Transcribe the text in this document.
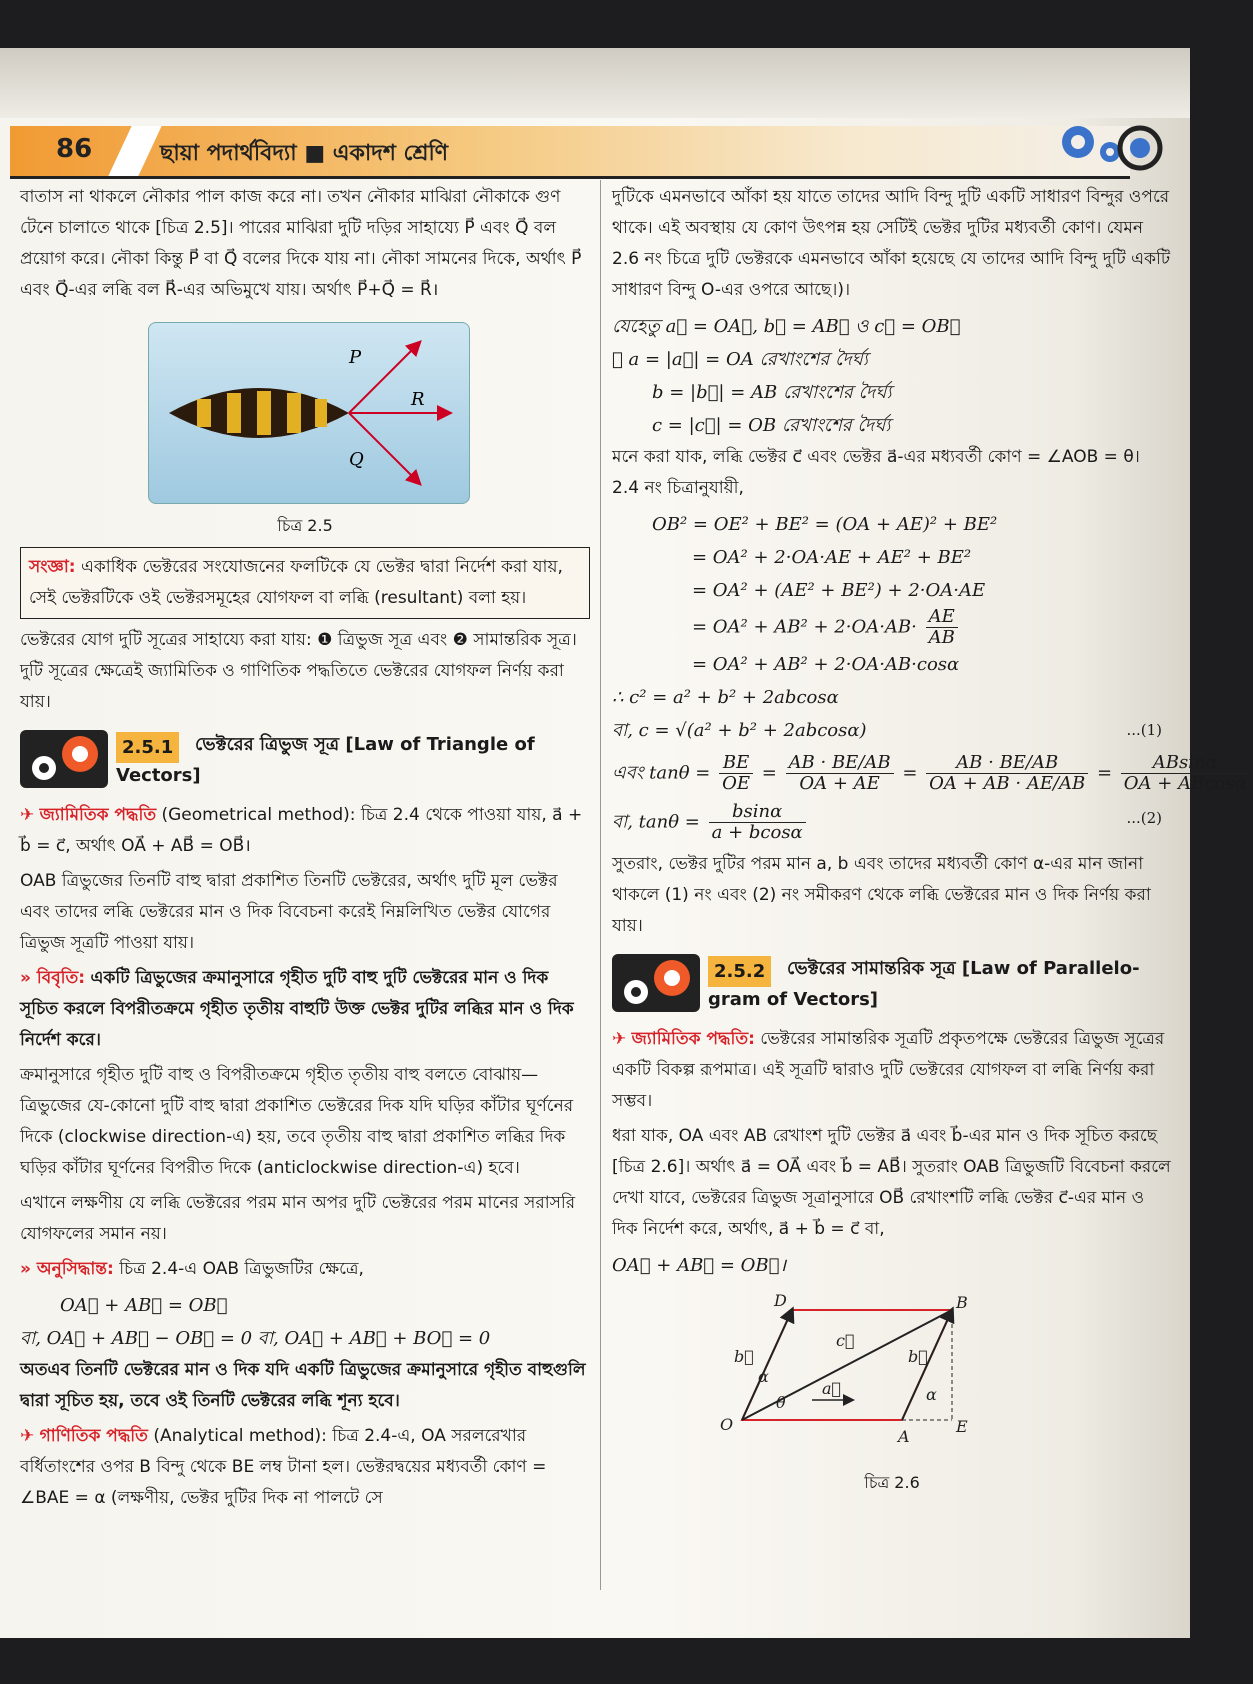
86	ছায়া পদার্থবিদ্যা ■ একাদশ শ্রেণি

বাতাস না থাকলে নৌকার পাল কাজ করে না। তখন নৌকার মাঝিরা নৌকাকে গুণ টেনে চালাতে থাকে [চিত্র 2.5]। পারের মাঝিরা দুটি দড়ির সাহায্যে P⃗ এবং Q⃗ বল প্রয়োগ করে। নৌকা কিন্তু P⃗ বা Q⃗ বলের দিকে যায় না। নৌকা সামনের দিকে, অর্থাৎ P⃗ এবং Q⃗-এর লব্ধি বল R⃗-এর অভিমুখে যায়। অর্থাৎ P⃗+Q⃗ = R⃗।

P
R
Q
চিত্র 2.5
সংজ্ঞা: একাধিক ভেক্টরের সংযোজনের ফলটিকে যে ভেক্টর দ্বারা নির্দেশ করা যায়, সেই ভেক্টরটিকে ওই ভেক্টরসমূহের যোগফল বা লব্ধি (resultant) বলা হয়।

ভেক্টরের যোগ দুটি সূত্রের সাহায্যে করা যায়: ❶ ত্রিভুজ সূত্র এবং ❷ সামান্তরিক সূত্র। দুটি সূত্রের ক্ষেত্রেই জ্যামিতিক ও গাণিতিক পদ্ধতিতে ভেক্টরের যোগফল নির্ণয় করা যায়।

2.5.1	ভেক্টরের ত্রিভুজ সূত্র [Law of Triangle of
Vectors]

✈ জ্যামিতিক পদ্ধতি (Geometrical method): চিত্র 2.4 থেকে পাওয়া যায়, a⃗ + b⃗ = c⃗, অর্থাৎ OA⃗ + AB⃗ = OB⃗।

OAB ত্রিভুজের তিনটি বাহু দ্বারা প্রকাশিত তিনটি ভেক্টরের, অর্থাৎ দুটি মূল ভেক্টর এবং তাদের লব্ধি ভেক্টরের মান ও দিক বিবেচনা করেই নিম্নলিখিত ভেক্টর যোগের ত্রিভুজ সূত্রটি পাওয়া যায়।

» বিবৃতি: একটি ত্রিভুজের ক্রমানুসারে গৃহীত দুটি বাহু দুটি ভেক্টরের মান ও দিক সূচিত করলে বিপরীতক্রমে গৃহীত তৃতীয় বাহুটি উক্ত ভেক্টর দুটির লব্ধির মান ও দিক নির্দেশ করে।

ক্রমানুসারে গৃহীত দুটি বাহু ও বিপরীতক্রমে গৃহীত তৃতীয় বাহু বলতে বোঝায়—ত্রিভুজের যে-কোনো দুটি বাহু দ্বারা প্রকাশিত ভেক্টরের দিক যদি ঘড়ির কাঁটার ঘূর্ণনের দিকে (clockwise direction-এ) হয়, তবে তৃতীয় বাহু দ্বারা প্রকাশিত লব্ধির দিক ঘড়ির কাঁটার ঘূর্ণনের বিপরীত দিকে (anticlockwise direction-এ) হবে।

এখানে লক্ষণীয় যে লব্ধি ভেক্টরের পরম মান অপর দুটি ভেক্টরের পরম মানের সরাসরি যোগফলের সমান নয়।

» অনুসিদ্ধান্ত: চিত্র 2.4-এ OAB ত্রিভুজটির ক্ষেত্রে,

OA⃗ + AB⃗ = OB⃗
বা, OA⃗ + AB⃗ − OB⃗ = 0 বা, OA⃗ + AB⃗ + BO⃗ = 0

অতএব তিনটি ভেক্টরের মান ও দিক যদি একটি ত্রিভুজের ক্রমানুসারে গৃহীত বাহুগুলি দ্বারা সূচিত হয়, তবে ওই তিনটি ভেক্টরের লব্ধি শূন্য হবে।

✈ গাণিতিক পদ্ধতি (Analytical method): চিত্র 2.4-এ, OA সরলরেখার বর্ধিতাংশের ওপর B বিন্দু থেকে BE লম্ব টানা হল। ভেক্টরদ্বয়ের মধ্যবর্তী কোণ = ∠BAE = α (লক্ষণীয়, ভেক্টর দুটির দিক না পালটে সে

দুটিকে এমনভাবে আঁকা হয় যাতে তাদের আদি বিন্দু দুটি একটি সাধারণ বিন্দুর ওপরে থাকে। এই অবস্থায় যে কোণ উৎপন্ন হয় সেটিই ভেক্টর দুটির মধ্যবর্তী কোণ। যেমন 2.6 নং চিত্রে দুটি ভেক্টরকে এমনভাবে আঁকা হয়েছে যে তাদের আদি বিন্দু দুটি একটি সাধারণ বিন্দু O-এর ওপরে আছে।)।

যেহেতু a⃗ = OA⃗, b⃗ = AB⃗ ও c⃗ = OB⃗
∴ a = |a⃗| = OA রেখাংশের দৈর্ঘ্য
b = |b⃗| = AB রেখাংশের দৈর্ঘ্য
c = |c⃗| = OB রেখাংশের দৈর্ঘ্য

মনে করা যাক, লব্ধি ভেক্টর c⃗ এবং ভেক্টর a⃗-এর মধ্যবর্তী কোণ = ∠AOB = θ। 2.4 নং চিত্রানুযায়ী,

OB² = OE² + BE² = (OA + AE)² + BE²
= OA² + 2·OA·AE + AE² + BE²
= OA² + (AE² + BE²) + 2·OA·AE
= $OA^2 + AB^2 + 2\cdot OA\cdot AB\cdot \frac{AE}{AB}$
= OA² + AB² + 2·OA·AB·cosα
∴ c² = a² + b² + 2abcosα
বা, c = √(a² + b² + 2abcosα)	...(1)
এবং $\tan\theta = \frac{BE}{OE} = \frac{AB \cdot BE/AB}{OA + AE} = \frac{AB \cdot BE/AB}{OA + AB \cdot AE/AB} = \frac{ABsin\alpha}{OA + ABcos\alpha}$
বা, $\tan\theta = \frac{bsin\alpha}{a + bcos\alpha}$	...(2)

সুতরাং, ভেক্টর দুটির পরম মান a, b এবং তাদের মধ্যবর্তী কোণ α-এর মান জানা থাকলে (1) নং এবং (2) নং সমীকরণ থেকে লব্ধি ভেক্টরের মান ও দিক নির্ণয় করা যায়।

2.5.2	ভেক্টরের সামান্তরিক সূত্র [Law of Parallelo-
gram of Vectors]

✈ জ্যামিতিক পদ্ধতি: ভেক্টরের সামান্তরিক সূত্রটি প্রকৃতপক্ষে ভেক্টরের ত্রিভুজ সূত্রের একটি বিকল্প রূপমাত্র। এই সূত্রটি দ্বারাও দুটি ভেক্টরের যোগফল বা লব্ধি নির্ণয় করা সম্ভব।

ধরা যাক, OA এবং AB রেখাংশ দুটি ভেক্টর a⃗ এবং b⃗-এর মান ও দিক সূচিত করছে [চিত্র 2.6]। অর্থাৎ a⃗ = OA⃗ এবং b⃗ = AB⃗। সুতরাং OAB ত্রিভুজটি বিবেচনা করলে দেখা যাবে, ভেক্টরের ত্রিভুজ সূত্রানুসারে OB⃗ রেখাংশটি লব্ধি ভেক্টর c⃗-এর মান ও দিক নির্দেশ করে, অর্থাৎ, a⃗ + b⃗ = c⃗ বা,

OA⃗ + AB⃗ = OB⃗।
D	B
O
A
E
b⃗	b⃗
c⃗
a⃗
α
α
θ
চিত্র 2.6
